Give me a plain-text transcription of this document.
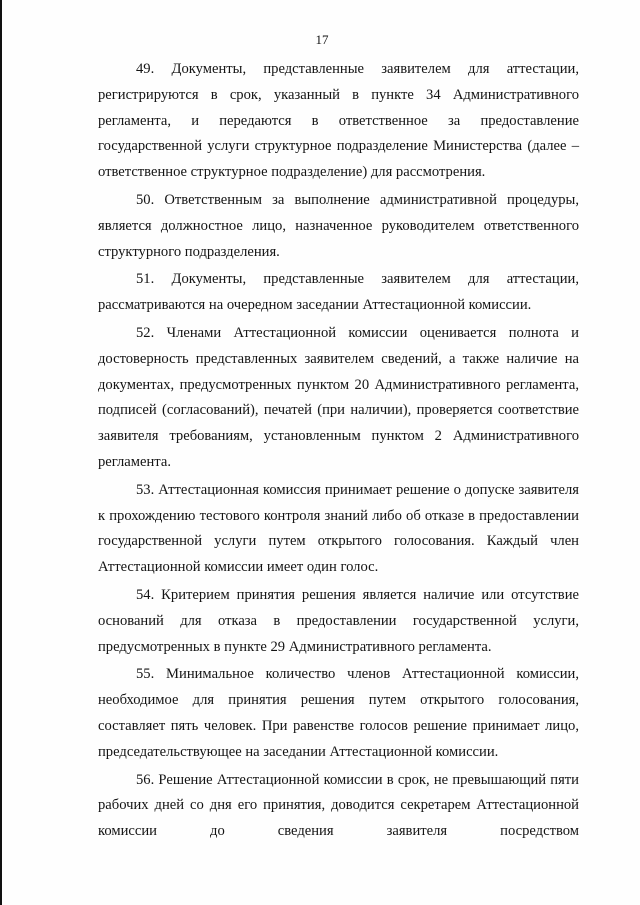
17

49. Документы, представленные заявителем для аттестации, регистрируются в срок, указанный в пункте 34 Административного регламента, и передаются в ответственное за предоставление государственной услуги структурное подразделение Министерства (далее – ответственное структурное подразделение) для рассмотрения.

50. Ответственным за выполнение административной процедуры, является должностное лицо, назначенное руководителем ответственного структурного подразделения.

51. Документы, представленные заявителем для аттестации, рассматриваются на очередном заседании Аттестационной комиссии.

52. Членами Аттестационной комиссии оценивается полнота и достоверность представленных заявителем сведений, а также наличие на документах, предусмотренных пунктом 20 Административного регламента, подписей (согласований), печатей (при наличии), проверяется соответствие заявителя требованиям, установленным пунктом 2 Административного регламента.

53. Аттестационная комиссия принимает решение о допуске заявителя к прохождению тестового контроля знаний либо об отказе в предоставлении государственной услуги путем открытого голосования. Каждый член Аттестационной комиссии имеет один голос.

54. Критерием принятия решения является наличие или отсутствие оснований для отказа в предоставлении государственной услуги, предусмотренных в пункте 29 Административного регламента.

55. Минимальное количество членов Аттестационной комиссии, необходимое для принятия решения путем открытого голосования, составляет пять человек. При равенстве голосов решение принимает лицо, председательствующее на заседании Аттестационной комиссии.

56. Решение Аттестационной комиссии в срок, не превышающий пяти рабочих дней со дня его принятия, доводится секретарем Аттестационной комиссии до сведения заявителя посредством
